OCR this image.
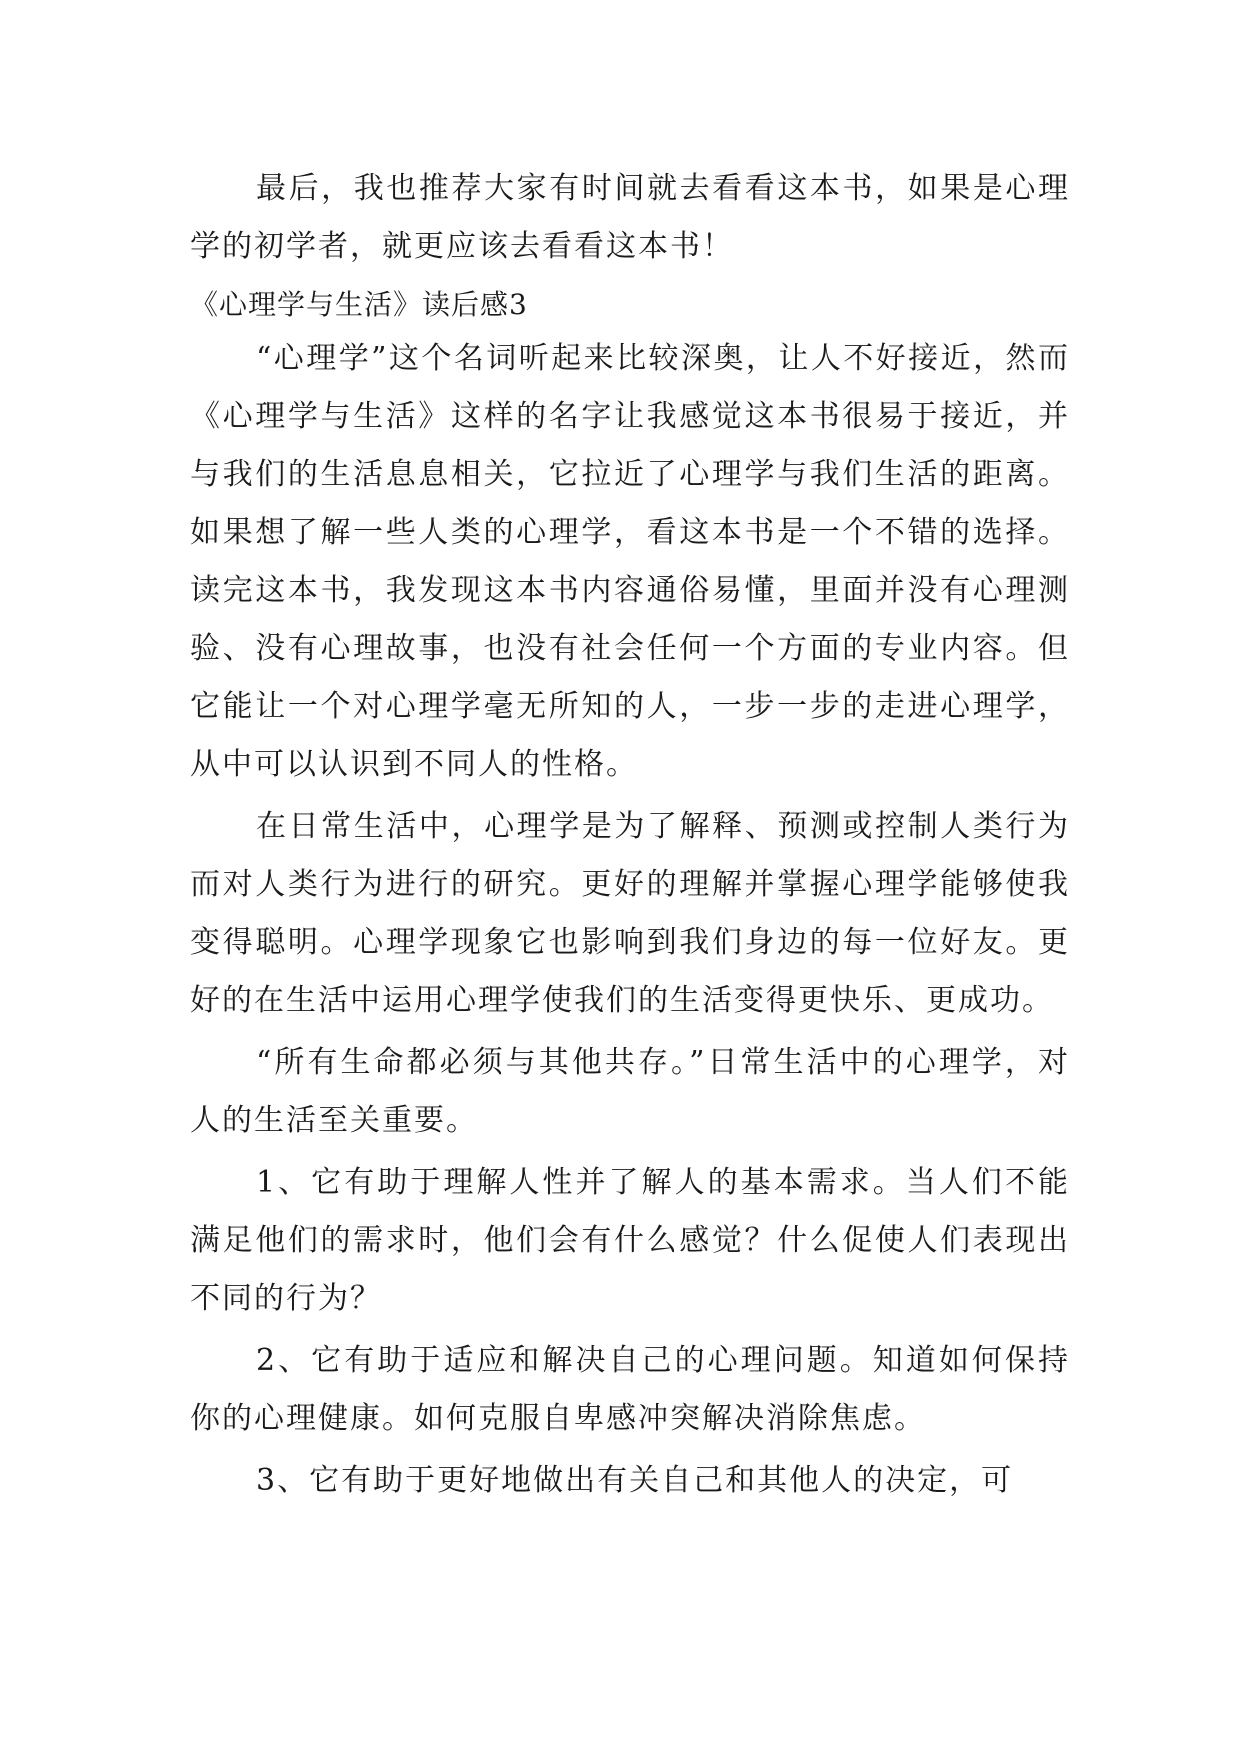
最后，我也推荐大家有时间就去看看这本书，如果是心理学的初学者，就更应该去看看这本书！

《心理学与生活》读后感3

“心理学”这个名词听起来比较深奥，让人不好接近，然而《心理学与生活》这样的名字让我感觉这本书很易于接近，并与我们的生活息息相关，它拉近了心理学与我们生活的距离。如果想了解一些人类的心理学，看这本书是一个不错的选择。读完这本书，我发现这本书内容通俗易懂，里面并没有心理测验、没有心理故事，也没有社会任何一个方面的专业内容。但它能让一个对心理学毫无所知的人，一步一步的走进心理学，从中可以认识到不同人的性格。

在日常生活中，心理学是为了解释、预测或控制人类行为而对人类行为进行的研究。更好的理解并掌握心理学能够使我变得聪明。心理学现象它也影响到我们身边的每一位好友。更好的在生活中运用心理学使我们的生活变得更快乐、更成功。

“所有生命都必须与其他共存。”日常生活中的心理学，对人的生活至关重要。

1、它有助于理解人性并了解人的基本需求。当人们不能满足他们的需求时，他们会有什么感觉？什么促使人们表现出不同的行为？

2、它有助于适应和解决自己的心理问题。知道如何保持你的心理健康。如何克服自卑感冲突解决消除焦虑。

3、它有助于更好地做出有关自己和其他人的决定，可
